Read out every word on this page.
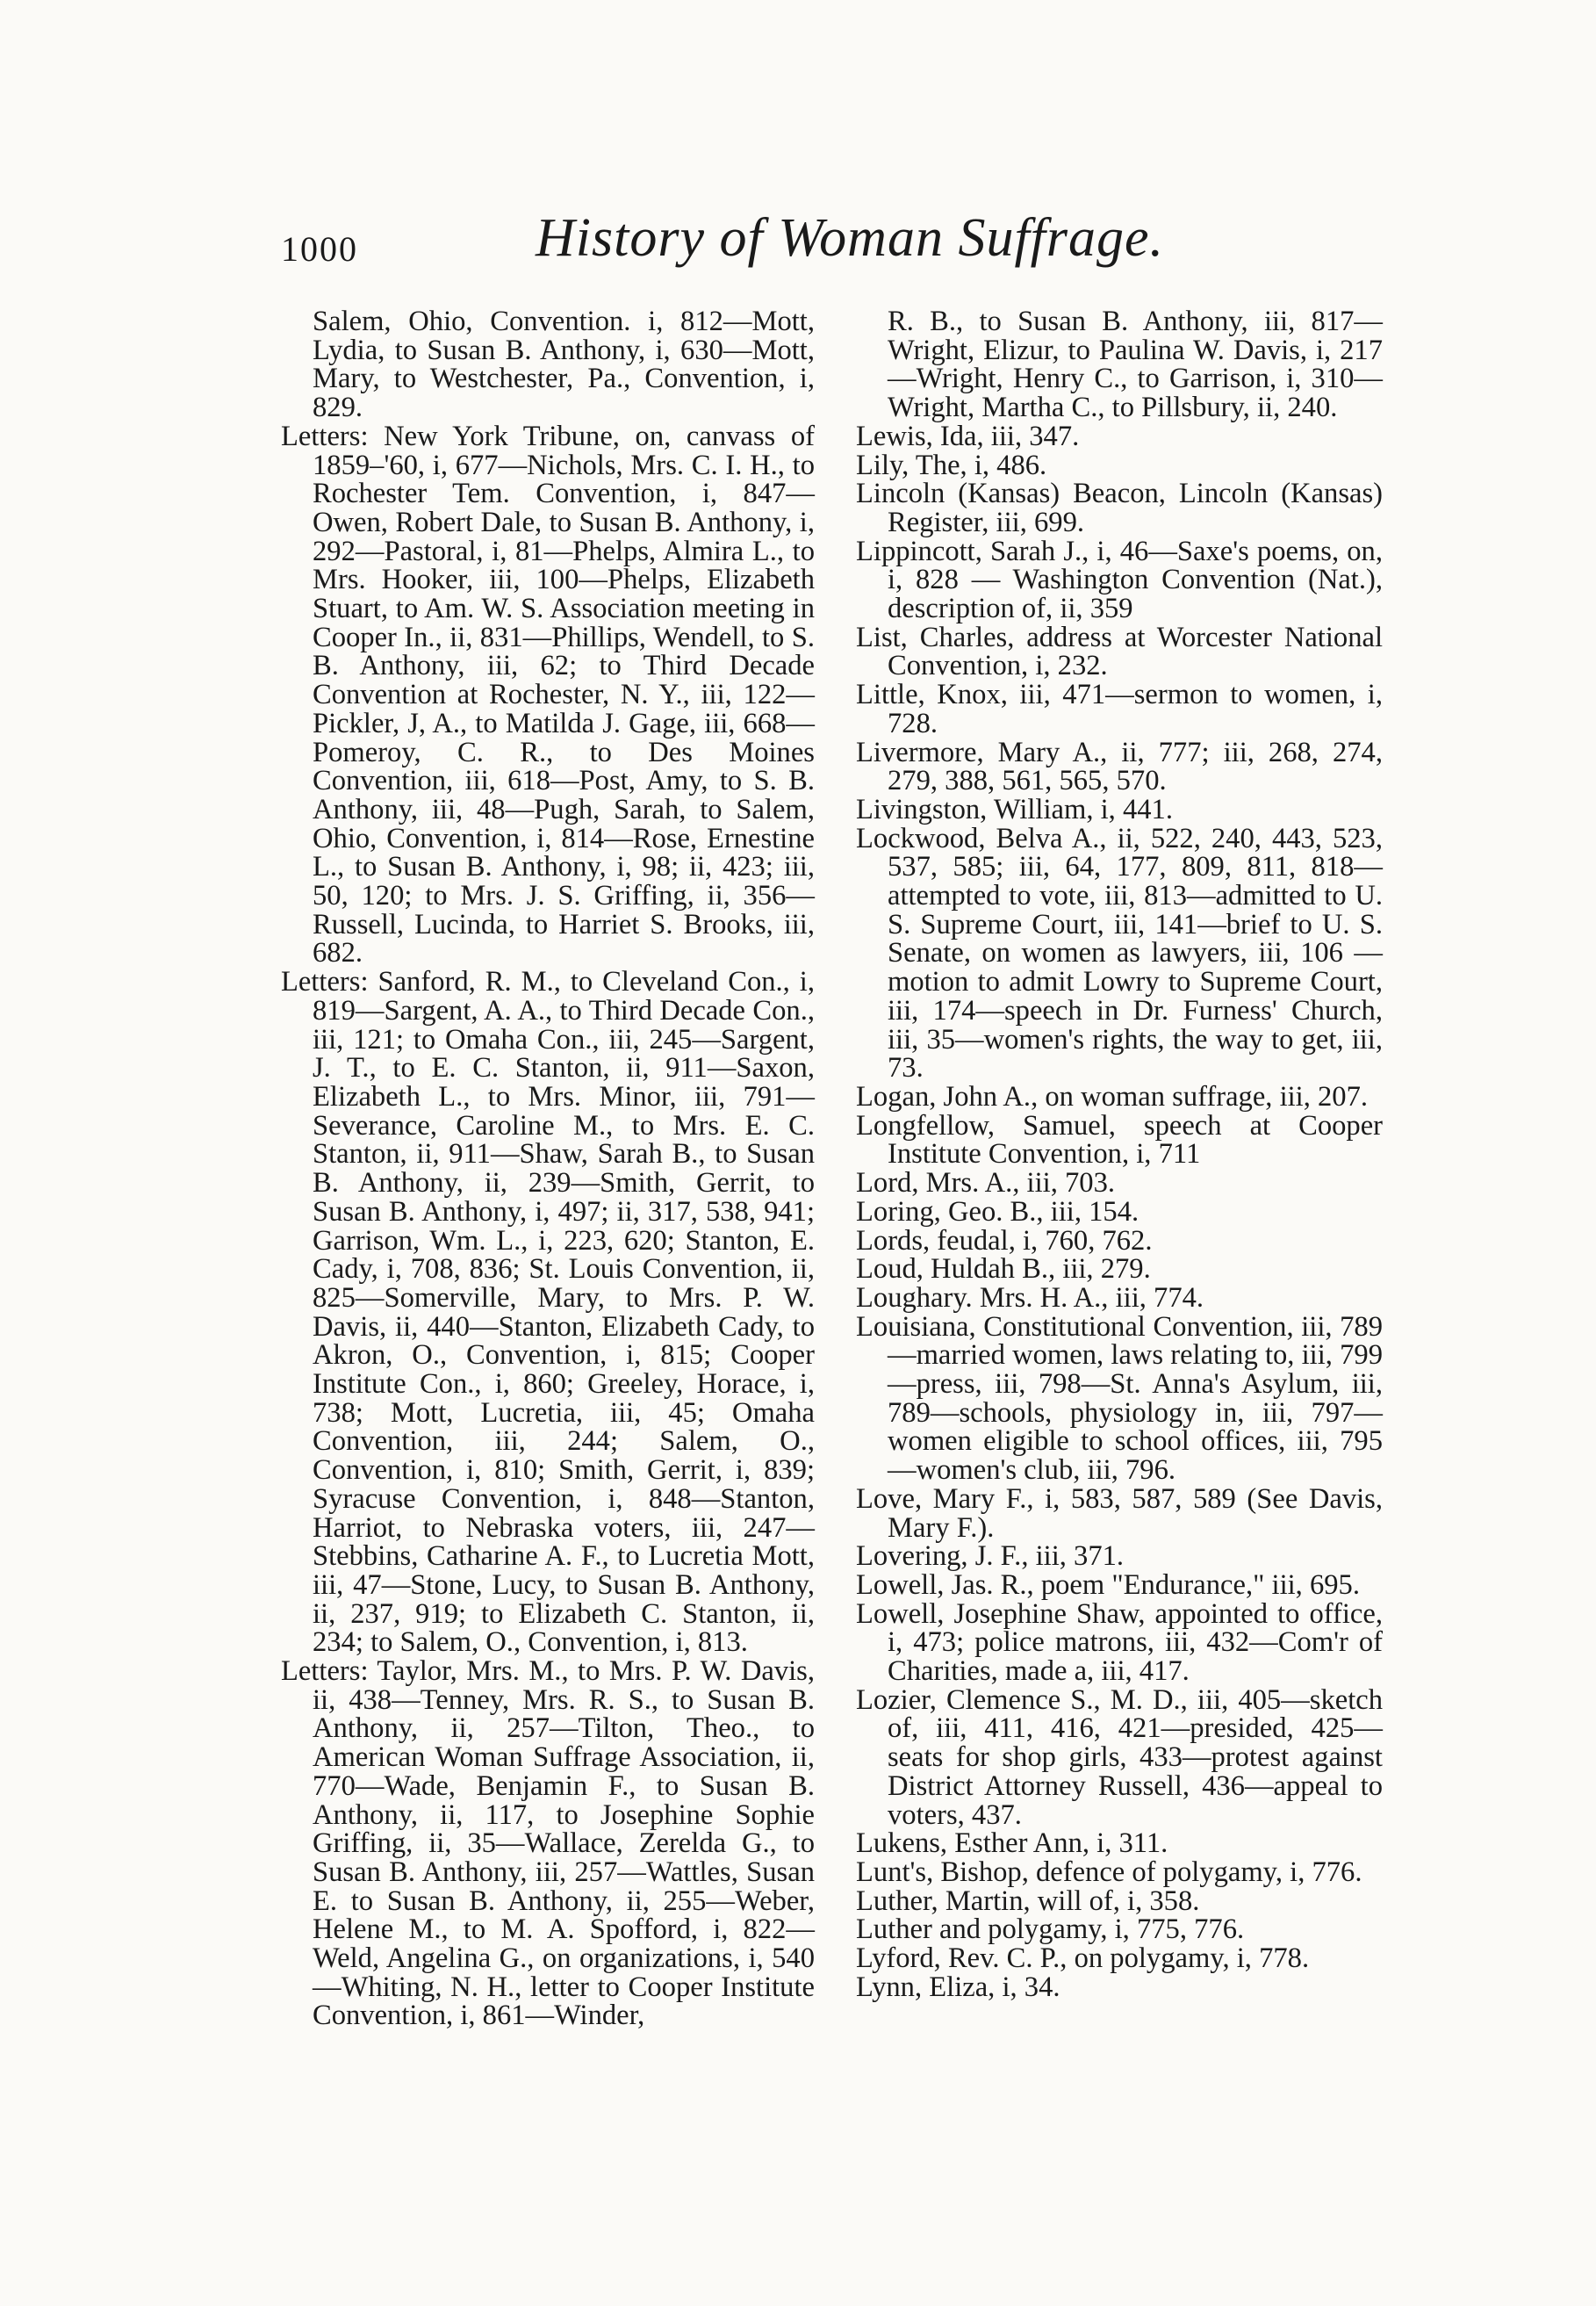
1000	History of Woman Suffrage.

Salem, Ohio, Convention. i, 812—Mott, Lydia, to Susan B. Anthony, i, 630—Mott, Mary, to Westchester, Pa., Convention, i, 829.

Letters: New York Tribune, on, canvass of 1859–'60, i, 677—Nichols, Mrs. C. I. H., to Rochester Tem. Convention, i, 847—Owen, Robert Dale, to Susan B. Anthony, i, 292—Pastoral, i, 81—Phelps, Almira L., to Mrs. Hooker, iii, 100—Phelps, Elizabeth Stuart, to Am. W. S. Association meeting in Cooper In., ii, 831—Phillips, Wendell, to S. B. Anthony, iii, 62; to Third Decade Convention at Rochester, N. Y., iii, 122—Pickler, J, A., to Matilda J. Gage, iii, 668—Pomeroy, C. R., to Des Moines Convention, iii, 618—Post, Amy, to S. B. Anthony, iii, 48—Pugh, Sarah, to Salem, Ohio, Convention, i, 814—Rose, Ernestine L., to Susan B. Anthony, i, 98; ii, 423; iii, 50, 120; to Mrs. J. S. Griffing, ii, 356—Russell, Lucinda, to Harriet S. Brooks, iii, 682.

Letters: Sanford, R. M., to Cleveland Con., i, 819—Sargent, A. A., to Third Decade Con., iii, 121; to Omaha Con., iii, 245—Sargent, J. T., to E. C. Stanton, ii, 911—Saxon, Elizabeth L., to Mrs. Minor, iii, 791—Severance, Caroline M., to Mrs. E. C. Stanton, ii, 911—Shaw, Sarah B., to Susan B. Anthony, ii, 239—Smith, Gerrit, to Susan B. Anthony, i, 497; ii, 317, 538, 941; Garrison, Wm. L., i, 223, 620; Stanton, E. Cady, i, 708, 836; St. Louis Convention, ii, 825—Somerville, Mary, to Mrs. P. W. Davis, ii, 440—Stanton, Elizabeth Cady, to Akron, O., Convention, i, 815; Cooper Institute Con., i, 860; Greeley, Horace, i, 738; Mott, Lucretia, iii, 45; Omaha Convention, iii, 244; Salem, O., Convention, i, 810; Smith, Gerrit, i, 839; Syracuse Convention, i, 848—Stanton, Harriot, to Nebraska voters, iii, 247—Stebbins, Catharine A. F., to Lucretia Mott, iii, 47—Stone, Lucy, to Susan B. Anthony, ii, 237, 919; to Elizabeth C. Stanton, ii, 234; to Salem, O., Convention, i, 813.

Letters: Taylor, Mrs. M., to Mrs. P. W. Davis, ii, 438—Tenney, Mrs. R. S., to Susan B. Anthony, ii, 257—Tilton, Theo., to American Woman Suffrage Association, ii, 770—Wade, Benjamin F., to Susan B. Anthony, ii, 117, to Josephine Sophie Griffing, ii, 35—Wallace, Zerelda G., to Susan B. Anthony, iii, 257—Wattles, Susan E. to Susan B. Anthony, ii, 255—Weber, Helene M., to M. A. Spofford, i, 822—Weld, Angelina G., on organizations, i, 540—Whiting, N. H., letter to Cooper Institute Convention, i, 861—Winder,

R. B., to Susan B. Anthony, iii, 817—Wright, Elizur, to Paulina W. Davis, i, 217—Wright, Henry C., to Garrison, i, 310—Wright, Martha C., to Pillsbury, ii, 240.

Lewis, Ida, iii, 347.

Lily, The, i, 486.

Lincoln (Kansas) Beacon, Lincoln (Kansas) Register, iii, 699.

Lippincott, Sarah J., i, 46—Saxe's poems, on, i, 828 — Washington Convention (Nat.), description of, ii, 359

List, Charles, address at Worcester National Convention, i, 232.

Little, Knox, iii, 471—sermon to women, i, 728.

Livermore, Mary A., ii, 777; iii, 268, 274, 279, 388, 561, 565, 570.

Livingston, William, i, 441.

Lockwood, Belva A., ii, 522, 240, 443, 523, 537, 585; iii, 64, 177, 809, 811, 818—attempted to vote, iii, 813—admitted to U. S. Supreme Court, iii, 141—brief to U. S. Senate, on women as lawyers, iii, 106 — motion to admit Lowry to Supreme Court, iii, 174—speech in Dr. Furness' Church, iii, 35—women's rights, the way to get, iii, 73.

Logan, John A., on woman suffrage, iii, 207.

Longfellow, Samuel, speech at Cooper Institute Convention, i, 711

Lord, Mrs. A., iii, 703.

Loring, Geo. B., iii, 154.

Lords, feudal, i, 760, 762.

Loud, Huldah B., iii, 279.

Loughary. Mrs. H. A., iii, 774.

Louisiana, Constitutional Convention, iii, 789—married women, laws relating to, iii, 799—press, iii, 798—St. Anna's Asylum, iii, 789—schools, physiology in, iii, 797—women eligible to school offices, iii, 795—women's club, iii, 796.

Love, Mary F., i, 583, 587, 589 (See Davis, Mary F.).

Lovering, J. F., iii, 371.

Lowell, Jas. R., poem "Endurance," iii, 695.

Lowell, Josephine Shaw, appointed to office, i, 473; police matrons, iii, 432—Com'r of Charities, made a, iii, 417.

Lozier, Clemence S., M. D., iii, 405—sketch of, iii, 411, 416, 421—presided, 425—seats for shop girls, 433—protest against District Attorney Russell, 436—appeal to voters, 437.

Lukens, Esther Ann, i, 311.

Lunt's, Bishop, defence of polygamy, i, 776.

Luther, Martin, will of, i, 358.

Luther and polygamy, i, 775, 776.

Lyford, Rev. C. P., on polygamy, i, 778.

Lynn, Eliza, i, 34.
